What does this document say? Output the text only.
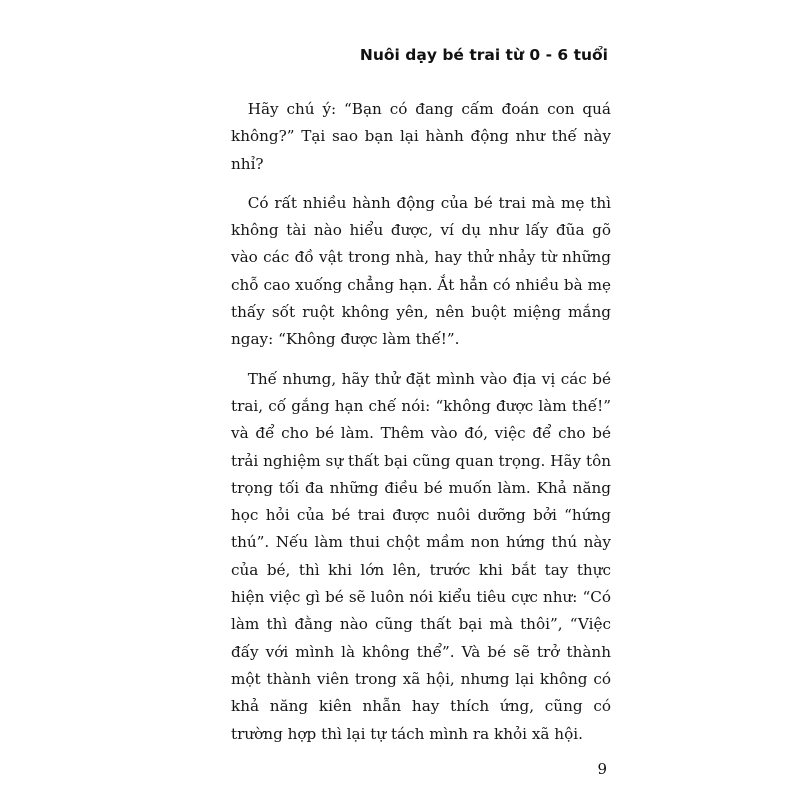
Nuôi dạy bé trai từ 0 - 6 tuổi

Hãy chú ý: “Bạn có đang cấm đoán con quá không?” Tại sao bạn lại hành động như thế này nhỉ?

Có rất nhiều hành động của bé trai mà mẹ thì không tài nào hiểu được, ví dụ như lấy đũa gõ vào các đồ vật trong nhà, hay thử nhảy từ những chỗ cao xuống chẳng hạn. Ắt hẳn có nhiều bà mẹ thấy sốt ruột không yên, nên buột miệng mắng ngay: “Không được làm thế!”.

Thế nhưng, hãy thử đặt mình vào địa vị các bé trai, cố gắng hạn chế nói: “không được làm thế!” và để cho bé làm. Thêm vào đó, việc để cho bé trải nghiệm sự thất bại cũng quan trọng. Hãy tôn trọng tối đa những điều bé muốn làm. Khả năng học hỏi của bé trai được nuôi dưỡng bởi “hứng thú”. Nếu làm thui chột mầm non hứng thú này của bé, thì khi lớn lên, trước khi bắt tay thực hiện việc gì bé sẽ luôn nói kiểu tiêu cực như: “Có làm thì đằng nào cũng thất bại mà thôi”, “Việc đấy với mình là không thể”. Và bé sẽ trở thành một thành viên trong xã hội, nhưng lại không có khả năng kiên nhẫn hay thích ứng, cũng có trường hợp thì lại tự tách mình ra khỏi xã hội.

9
